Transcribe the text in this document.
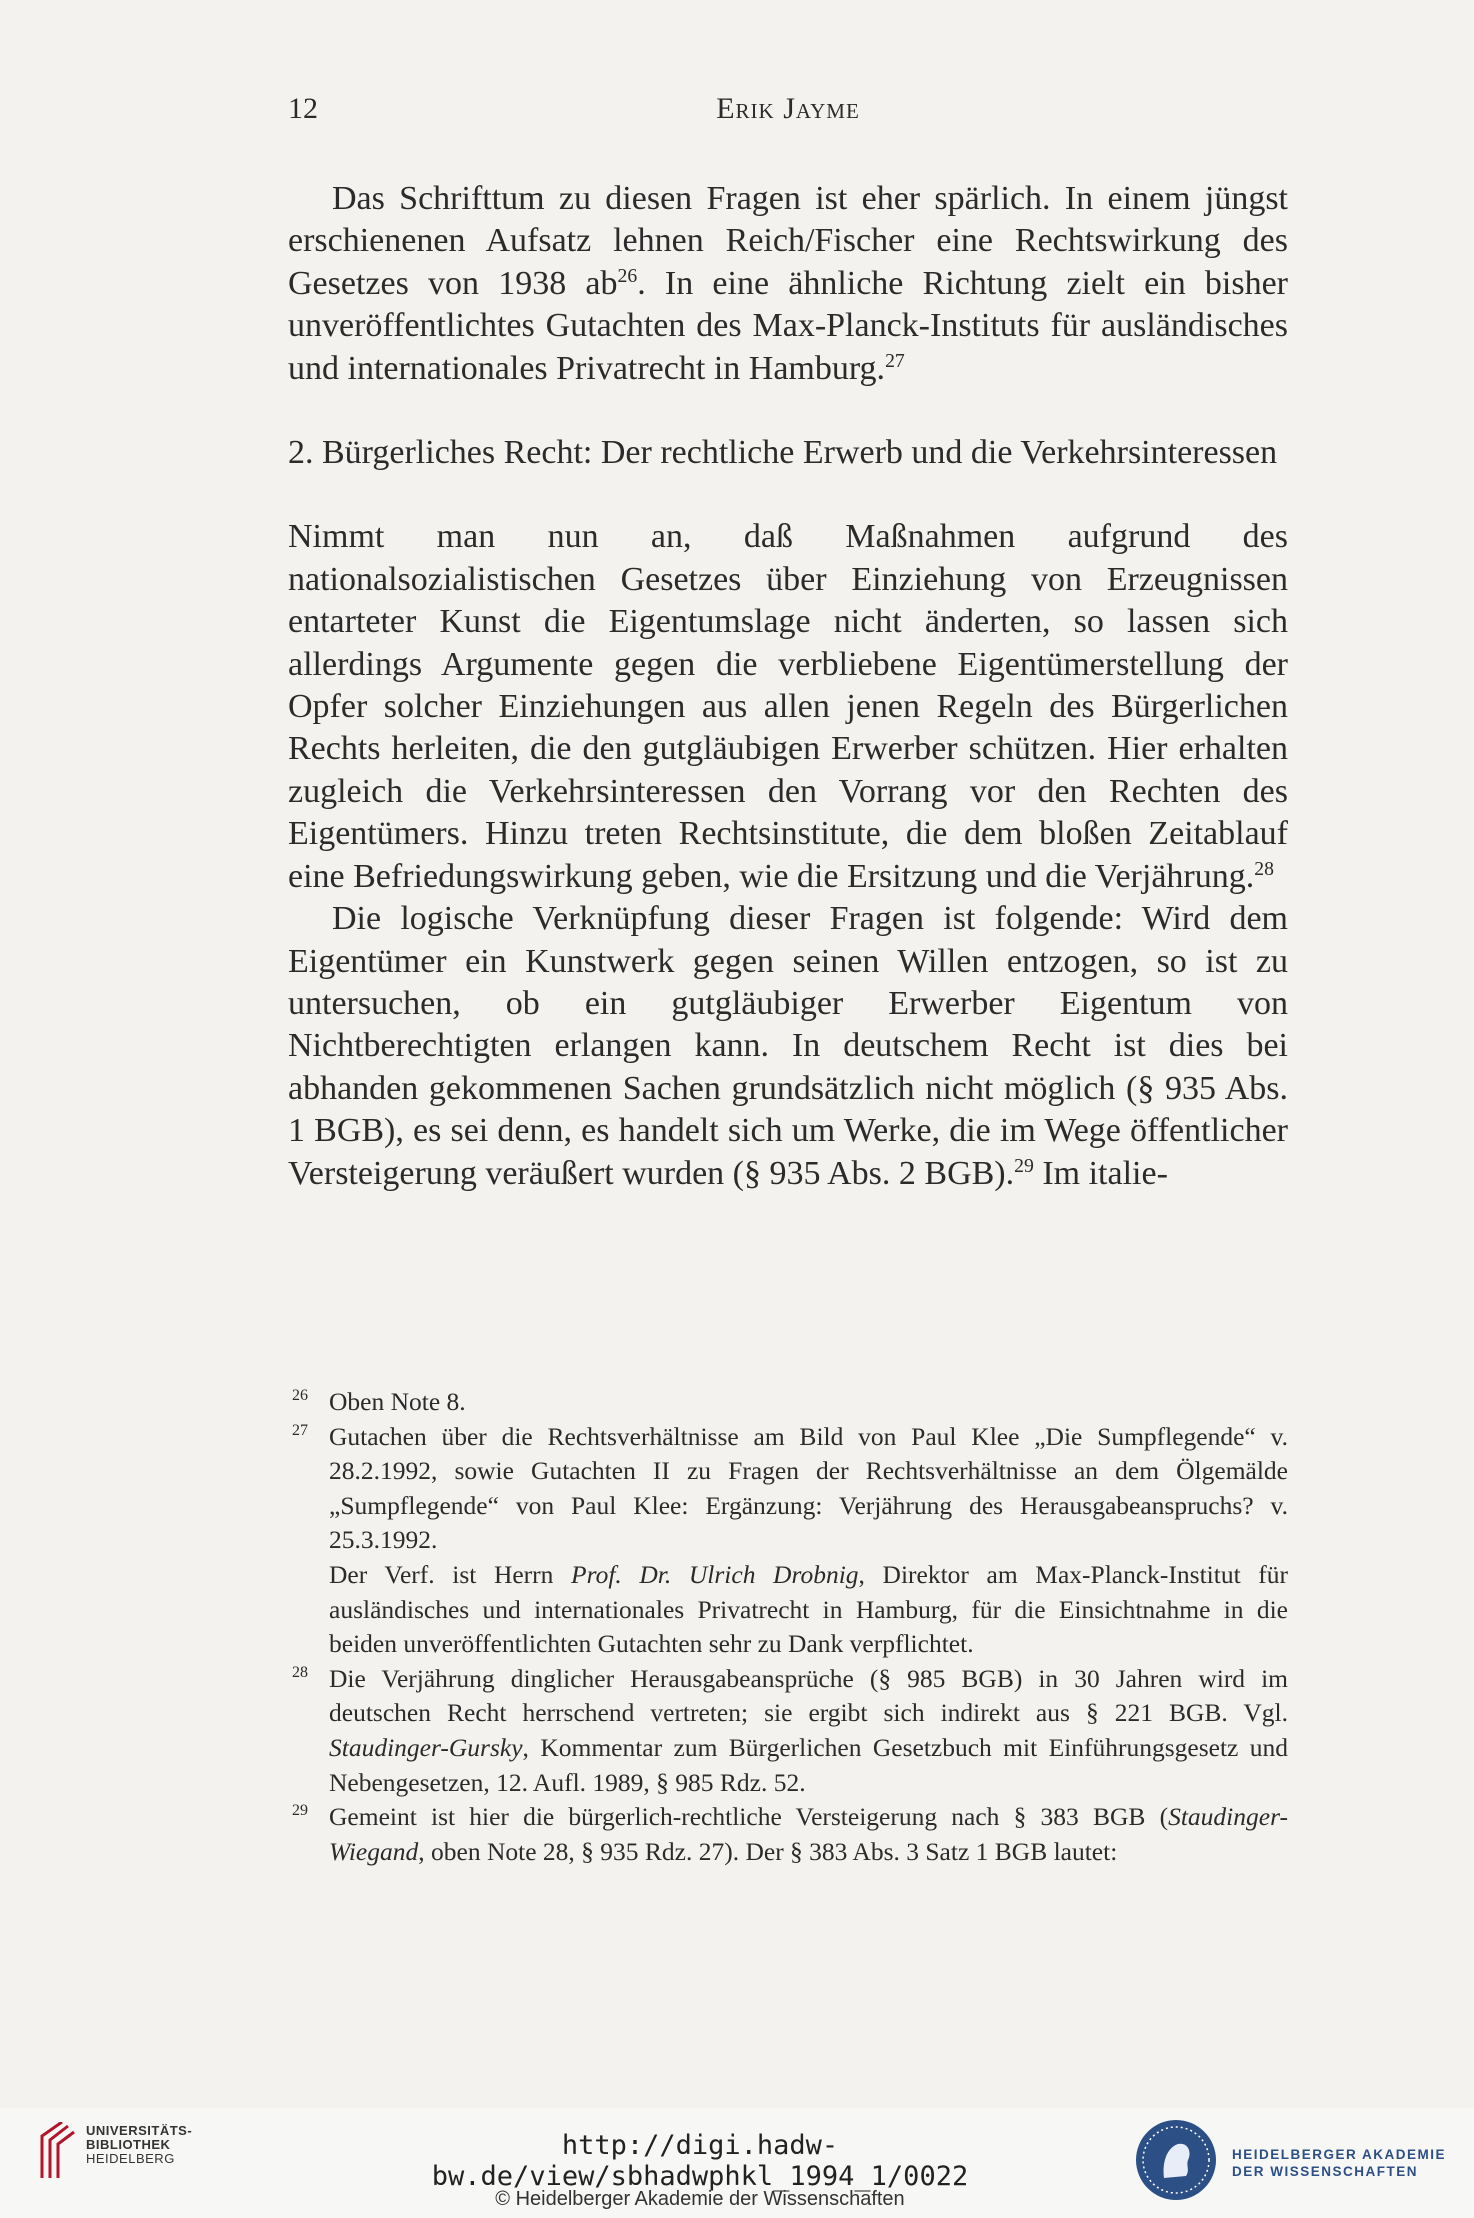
12	Erik Jayme

Das Schrifttum zu diesen Fragen ist eher spärlich. In einem jüngst erschienenen Aufsatz lehnen Reich/Fischer eine Rechtswirkung des Gesetzes von 1938 $ab^{26}$. In eine ähnliche Richtung zielt ein bisher unveröffentlichtes Gutachten des Max-Planck-Instituts für ausländisches und internationales Privatrecht in Hamburg.$^{27}$

2. Bürgerliches Recht: Der rechtliche Erwerb und die Verkehrsinteressen

Nimmt man nun an, daß Maßnahmen aufgrund des nationalsozialistischen Gesetzes über Einziehung von Erzeugnissen entarteter Kunst die Eigentumslage nicht änderten, so lassen sich allerdings Argumente gegen die verbliebene Eigentümerstellung der Opfer solcher Einziehungen aus allen jenen Regeln des Bürgerlichen Rechts herleiten, die den gutgläubigen Erwerber schützen. Hier erhalten zugleich die Verkehrsinteressen den Vorrang vor den Rechten des Eigentümers. Hinzu treten Rechtsinstitute, die dem bloßen Zeitablauf eine Befriedungswirkung geben, wie die Ersitzung und die Verjährung.$^{28}$

Die logische Verknüpfung dieser Fragen ist folgende: Wird dem Eigentümer ein Kunstwerk gegen seinen Willen entzogen, so ist zu untersuchen, ob ein gutgläubiger Erwerber Eigentum von Nichtberechtigten erlangen kann. In deutschem Recht ist dies bei abhanden gekommenen Sachen grundsätzlich nicht möglich (§ 935 Abs. 1 BGB), es sei denn, es handelt sich um Werke, die im Wege öffentlicher Versteigerung veräußert wurden (§ 935 Abs. 2 BGB).$^{29}$ Im italie-

26 Oben Note 8.

27 Gutachen über die Rechtsverhältnisse am Bild von Paul Klee „Die Sumpflegende“ v. 28.2.1992, sowie Gutachten II zu Fragen der Rechtsverhältnisse an dem Ölgemälde „Sumpflegende“ von Paul Klee: Ergänzung: Verjährung des Herausgabeanspruchs? v. 25.3.1992.

Der Verf. ist Herrn Prof. Dr. Ulrich Drobnig, Direktor am Max-Planck-Institut für ausländisches und internationales Privatrecht in Hamburg, für die Einsichtnahme in die beiden unveröffentlichten Gutachten sehr zu Dank verpflichtet.

28 Die Verjährung dinglicher Herausgabeansprüche (§ 985 BGB) in 30 Jahren wird im deutschen Recht herrschend vertreten; sie ergibt sich indirekt aus § 221 BGB. Vgl. Staudinger-Gursky, Kommentar zum Bürgerlichen Gesetzbuch mit Einführungsgesetz und Nebengesetzen, 12. Aufl. 1989, § 985 Rdz. 52.

29 Gemeint ist hier die bürgerlich-rechtliche Versteigerung nach § 383 BGB (Staudinger-Wiegand, oben Note 28, § 935 Rdz. 27). Der § 383 Abs. 3 Satz 1 BGB lautet:

UNIVERSITÄTS-
BIBLIOTHEK
HEIDELBERG	http://digi.hadw-bw.de/view/sbhadwphkl_1994_1/0022
© Heidelberger Akademie der Wissenschaften
HEIDELBERGER AKADEMIE
DER WISSENSCHAFTEN
